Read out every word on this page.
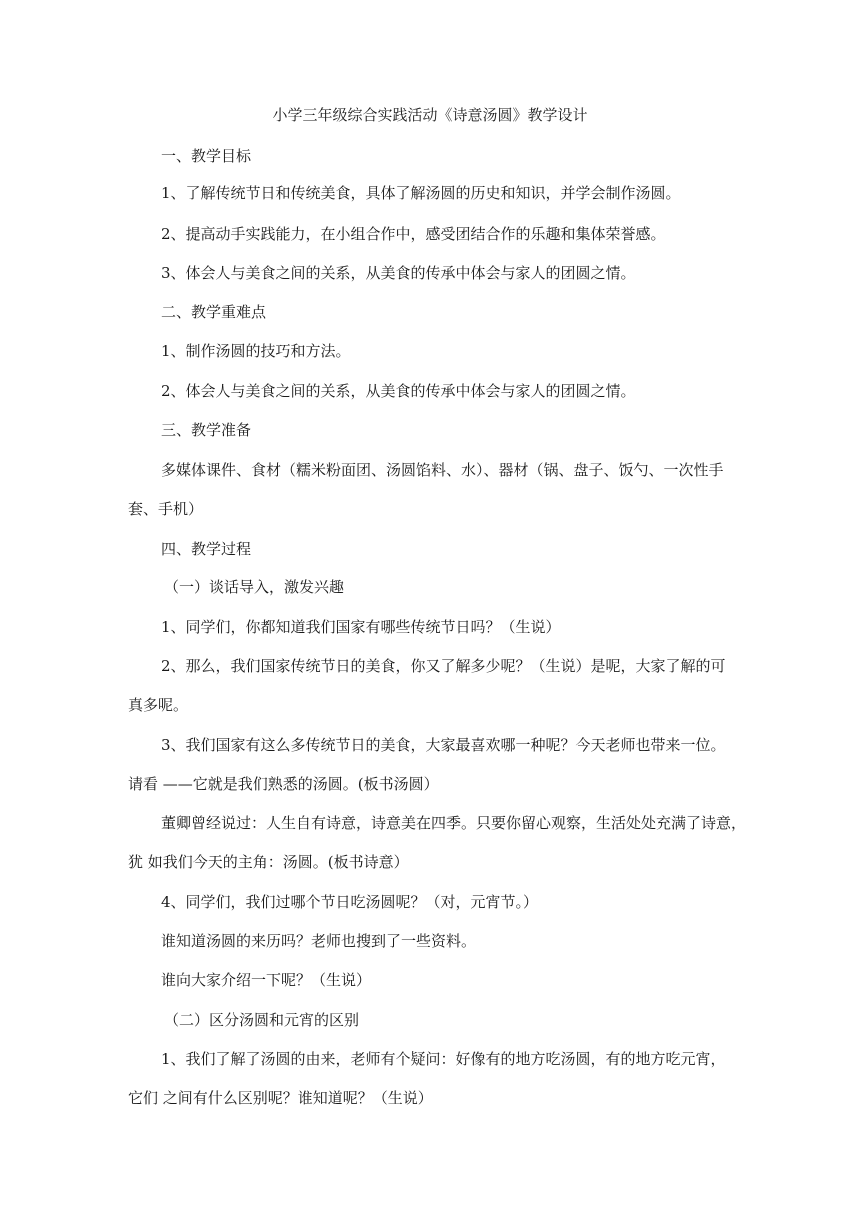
小学三年级综合实践活动《诗意汤圆》教学设计
一、教学目标
1、了解传统节日和传统美食，具体了解汤圆的历史和知识，并学会制作汤圆。
2、提高动手实践能力，在小组合作中，感受团结合作的乐趣和集体荣誉感。
3、体会人与美食之间的关系，从美食的传承中体会与家人的团圆之情。
二、教学重难点
1、制作汤圆的技巧和方法。
2、体会人与美食之间的关系，从美食的传承中体会与家人的团圆之情。
三、教学准备
多媒体课件、食材（糯米粉面团、汤圆馅料、水）、器材（锅、盘子、饭勺、一次性手
套、手机）
四、教学过程
（一）谈话导入，激发兴趣
1、同学们，你都知道我们国家有哪些传统节日吗？（生说）
2、那么，我们国家传统节日的美食，你又了解多少呢？（生说）是呢，大家了解的可
真多呢。
3、我们国家有这么多传统节日的美食，大家最喜欢哪一种呢？今天老师也带来一位。
请看 ——它就是我们熟悉的汤圆。(板书汤圆）
董卿曾经说过：人生自有诗意，诗意美在四季。只要你留心观察，生活处处充满了诗意，
犹 如我们今天的主角：汤圆。(板书诗意）
4、同学们，我们过哪个节日吃汤圆呢？（对，元宵节。）
谁知道汤圆的来历吗？老师也搜到了一些资料。
谁向大家介绍一下呢？（生说）
（二）区分汤圆和元宵的区别
1、我们了解了汤圆的由来，老师有个疑问：好像有的地方吃汤圆，有的地方吃元宵，
它们 之间有什么区别呢？谁知道呢？（生说）
